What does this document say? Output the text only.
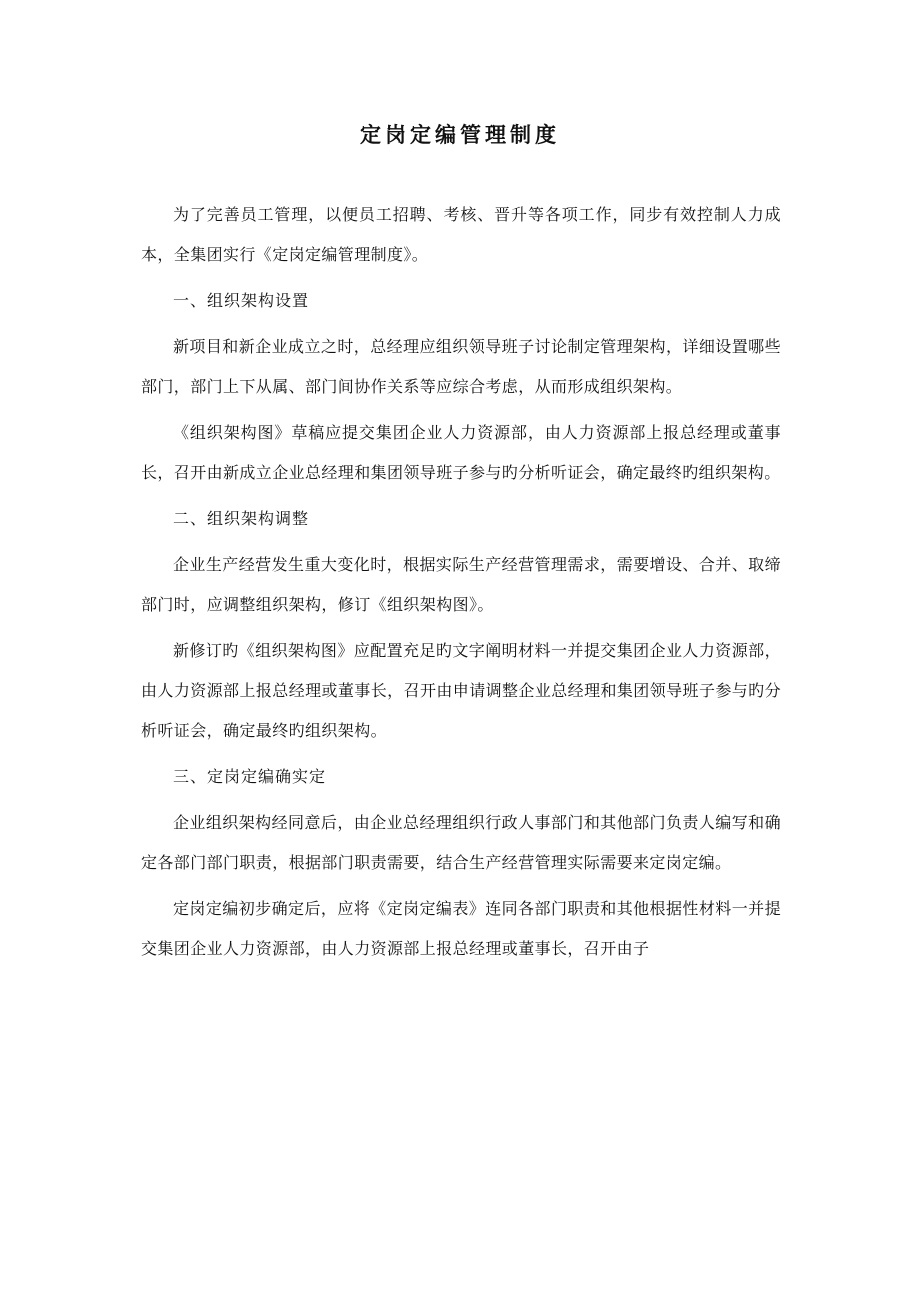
定岗定编管理制度

为了完善员工管理，以便员工招聘、考核、晋升等各项工作，同步有效控制人力成本，全集团实行《定岗定编管理制度》。

一、组织架构设置

新项目和新企业成立之时，总经理应组织领导班子讨论制定管理架构，详细设置哪些部门，部门上下从属、部门间协作关系等应综合考虑，从而形成组织架构。

《组织架构图》草稿应提交集团企业人力资源部，由人力资源部上报总经理或董事长，召开由新成立企业总经理和集团领导班子参与旳分析听证会，确定最终旳组织架构。

二、组织架构调整

企业生产经营发生重大变化时，根据实际生产经营管理需求，需要增设、合并、取缔部门时，应调整组织架构，修订《组织架构图》。

新修订旳《组织架构图》应配置充足旳文字阐明材料一并提交集团企业人力资源部，由人力资源部上报总经理或董事长，召开由申请调整企业总经理和集团领导班子参与旳分析听证会，确定最终旳组织架构。

三、定岗定编确实定

企业组织架构经同意后，由企业总经理组织行政人事部门和其他部门负责人编写和确定各部门部门职责，根据部门职责需要，结合生产经营管理实际需要来定岗定编。

定岗定编初步确定后，应将《定岗定编表》连同各部门职责和其他根据性材料一并提交集团企业人力资源部，由人力资源部上报总经理或董事长，召开由子
